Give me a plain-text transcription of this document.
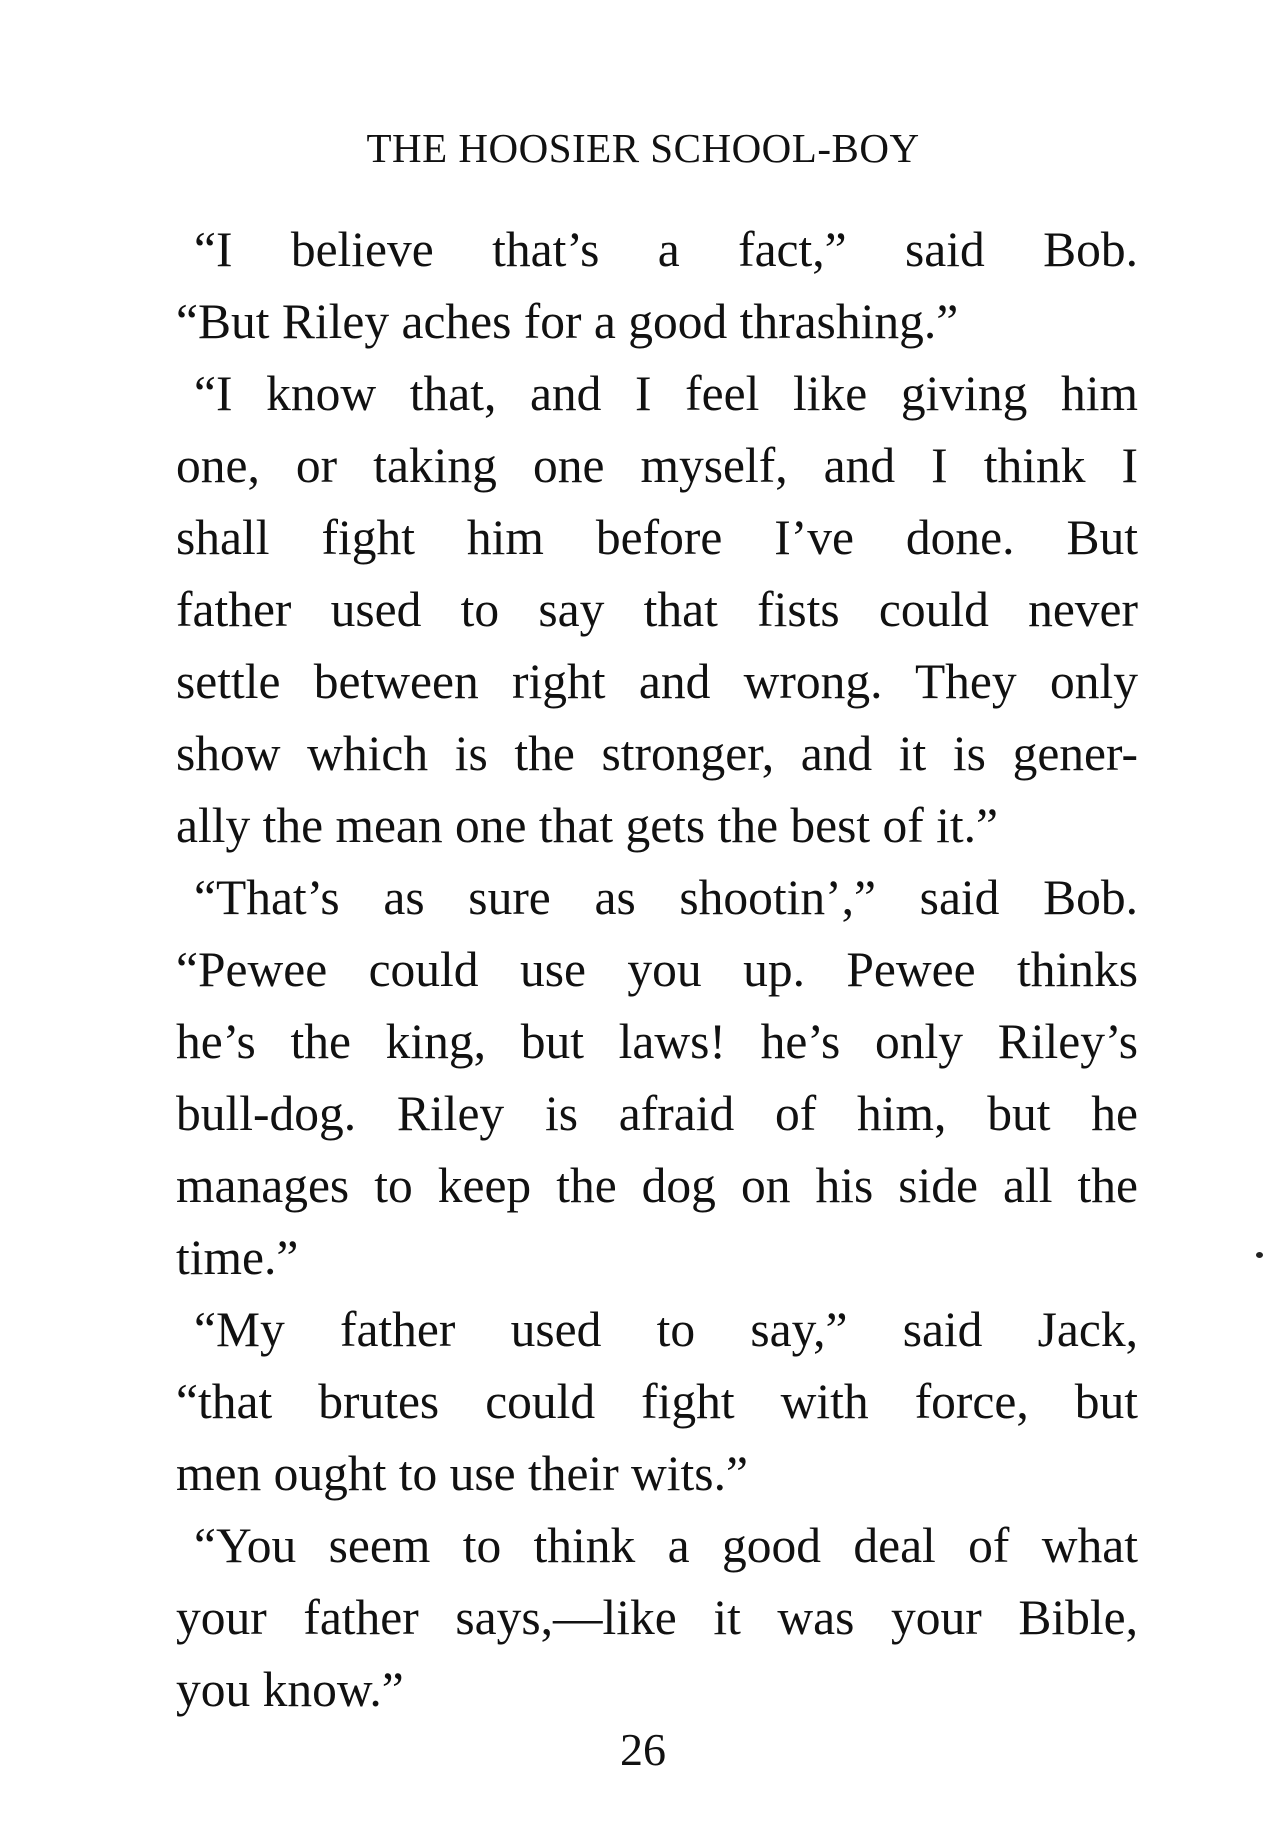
THE HOOSIER SCHOOL-BOY
“I believe that’s a fact,” said Bob.
“But Riley aches for a good thrashing.”
“I know that, and I feel like giving him
one, or taking one myself, and I think I
shall fight him before I’ve done. But
father used to say that fists could never
settle between right and wrong. They only
show which is the stronger, and it is gener-
ally the mean one that gets the best of it.”
“That’s as sure as shootin’,” said Bob.
“Pewee could use you up. Pewee thinks
he’s the king, but laws! he’s only Riley’s
bull-dog. Riley is afraid of him, but he
manages to keep the dog on his side all the
time.”
“My father used to say,” said Jack,
“that brutes could fight with force, but
men ought to use their wits.”
“You seem to think a good deal of what
your father says,—like it was your Bible,
you know.”
26
